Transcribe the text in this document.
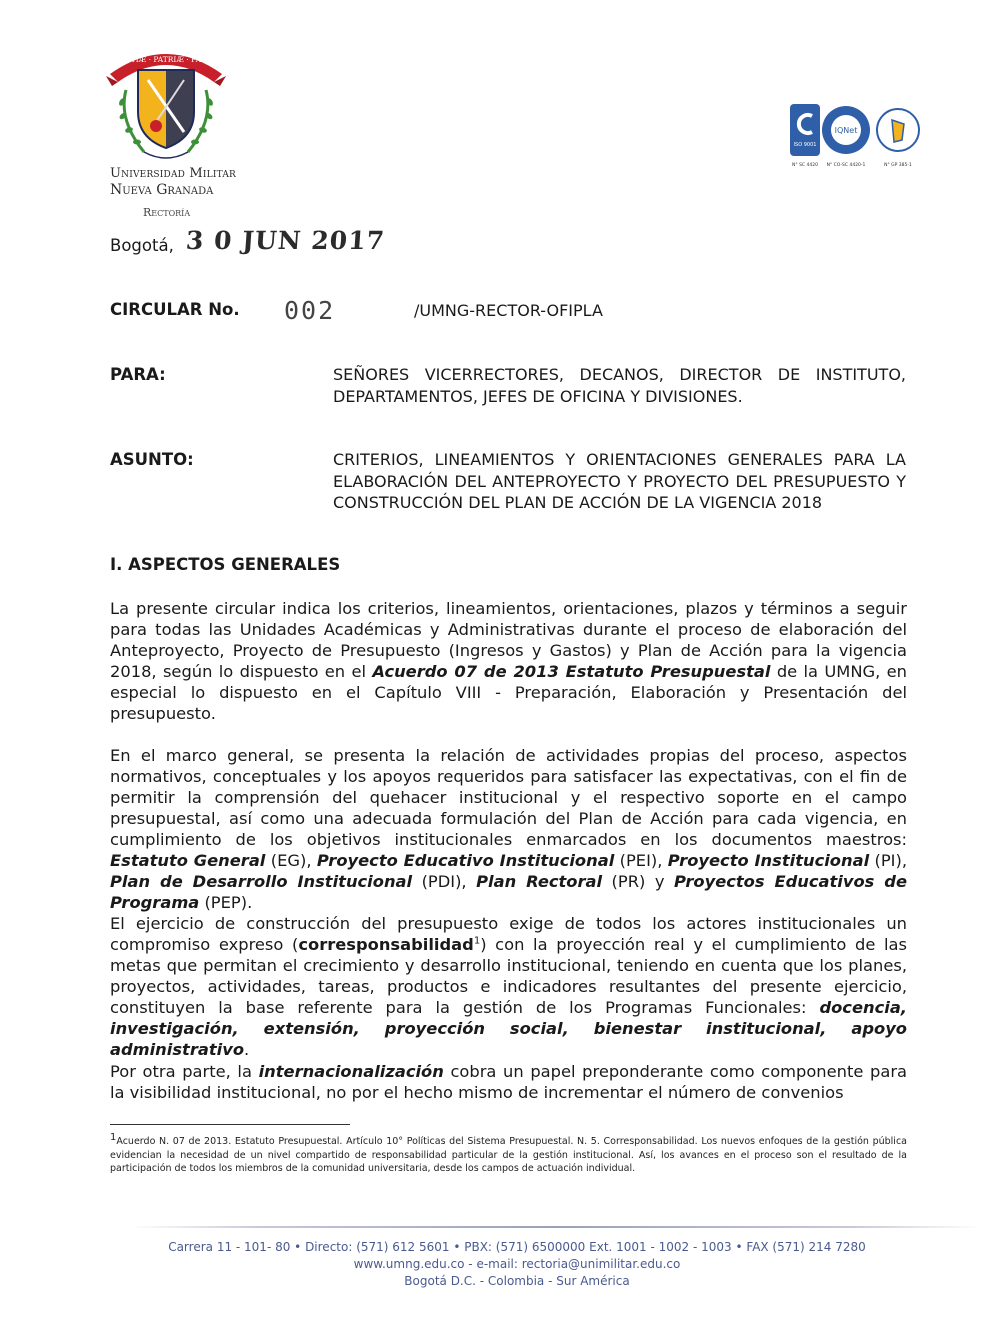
SCIENTIÆ · PATRIÆ · FAMILIÆ
Universidad Militar
Nueva Granada
Rectoría
ISO 9001
IQNet
N° SC 4420 N° CO-SC 4420-1	N° GP 385-1
Bogotá, 3 0 JUN 2017
CIRCULAR No. 002	/UMNG-RECTOR-OFIPLA
PARA:	SEÑORES VICERRECTORES, DECANOS, DIRECTOR DE INSTITUTO, DEPARTAMENTOS, JEFES DE OFICINA Y DIVISIONES.
ASUNTO:	CRITERIOS, LINEAMIENTOS Y ORIENTACIONES GENERALES PARA LA ELABORACIÓN DEL ANTEPROYECTO Y PROYECTO DEL PRESUPUESTO Y CONSTRUCCIÓN DEL PLAN DE ACCIÓN DE LA VIGENCIA 2018
I. ASPECTOS GENERALES

La presente circular indica los criterios, lineamientos, orientaciones, plazos y términos a seguir para todas las Unidades Académicas y Administrativas durante el proceso de elaboración del Anteproyecto, Proyecto de Presupuesto (Ingresos y Gastos) y Plan de Acción para la vigencia 2018, según lo dispuesto en el Acuerdo 07 de 2013 Estatuto Presupuestal de la UMNG, en especial lo dispuesto en el Capítulo VIII - Preparación, Elaboración y Presentación del presupuesto.

En el marco general, se presenta la relación de actividades propias del proceso, aspectos normativos, conceptuales y los apoyos requeridos para satisfacer las expectativas, con el fin de permitir la comprensión del quehacer institucional y el respectivo soporte en el campo presupuestal, así como una adecuada formulación del Plan de Acción para cada vigencia, en cumplimiento de los objetivos institucionales enmarcados en los documentos maestros: Estatuto General (EG), Proyecto Educativo Institucional (PEI), Proyecto Institucional (PI), Plan de Desarrollo Institucional (PDI), Plan Rectoral (PR) y Proyectos Educativos de Programa (PEP).

El ejercicio de construcción del presupuesto exige de todos los actores institucionales un compromiso expreso (corresponsabilidad$^1$) con la proyección real y el cumplimiento de las metas que permitan el crecimiento y desarrollo institucional, teniendo en cuenta que los planes, proyectos, actividades, tareas, productos e indicadores resultantes del presente ejercicio, constituyen la base referente para la gestión de los Programas Funcionales: docencia, investigación, extensión, proyección social, bienestar institucional, apoyo administrativo.

Por otra parte, la internacionalización cobra un papel preponderante como componente para la visibilidad institucional, no por el hecho mismo de incrementar el número de convenios

$^1$Acuerdo N. 07 de 2013. Estatuto Presupuestal. Artículo 10° Políticas del Sistema Presupuestal. N. 5. Corresponsabilidad. Los nuevos enfoques de la gestión pública evidencian la necesidad de un nivel compartido de responsabilidad particular de la gestión institucional. Así, los avances en el proceso son el resultado de la participación de todos los miembros de la comunidad universitaria, desde los campos de actuación individual.
Carrera 11 - 101- 80 • Directo: (571) 612 5601 • PBX: (571) 6500000 Ext. 1001 - 1002 - 1003 • FAX (571) 214 7280
www.umng.edu.co - e-mail: rectoria@unimilitar.edu.co
Bogotá D.C. - Colombia - Sur América
